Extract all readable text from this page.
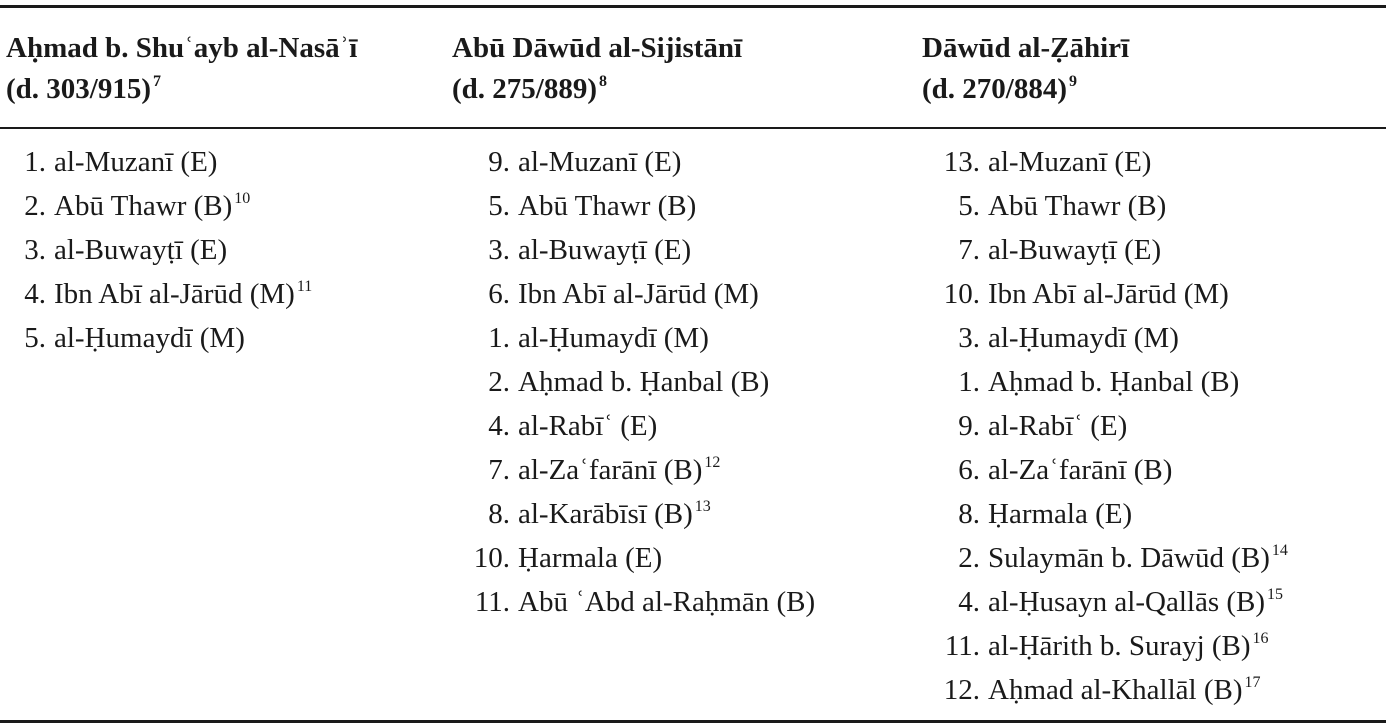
Aḥmad b. Shuʿayb al-Nasāʾī
(d. 303/915) $^7$
1. al-Muzanī (E)
2. Abū Thawr (B) $^{10}$
3. al-Buwayṭī (E)
4. Ibn Abī al-Jārūd (M) $^{11}$
5. al-Ḥumaydī (M)
Abū Dāwūd al-Sijistānī
(d. 275/889) $^8$
9. al-Muzanī (E)
5. Abū Thawr (B)
3. al-Buwayṭī (E)
6. Ibn Abī al-Jārūd (M)
1. al-Ḥumaydī (M)
2. Aḥmad b. Ḥanbal (B)
4. al-Rabīʿ (E)
7. al-Zaʿfarānī (B) $^{12}$
8. al-Karābīsī (B) $^{13}$
10. Ḥarmala (E)
11. Abū ʿAbd al-Raḥmān (B)
Dāwūd al-Ẓāhirī
(d. 270/884) $^9$
13. al-Muzanī (E)
5. Abū Thawr (B)
7. al-Buwayṭī (E)
10. Ibn Abī al-Jārūd (M)
3. al-Ḥumaydī (M)
1. Aḥmad b. Ḥanbal (B)
9. al-Rabīʿ (E)
6. al-Zaʿfarānī (B)
8. Ḥarmala (E)
2. Sulaymān b. Dāwūd (B) $^{14}$
4. al-Ḥusayn al-Qallās (B) $^{15}$
11. al-Ḥārith b. Surayj (B) $^{16}$
12. Aḥmad al-Khallāl (B) $^{17}$
